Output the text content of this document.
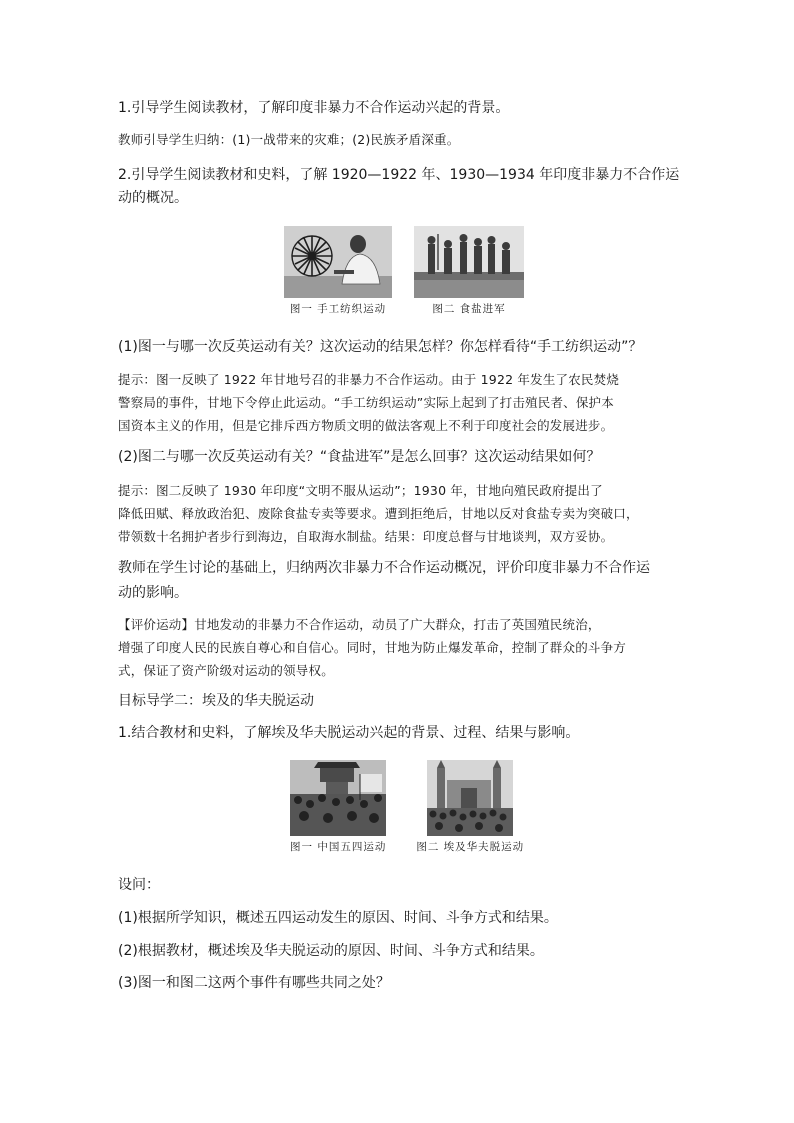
1.引导学生阅读教材，了解印度非暴力不合作运动兴起的背景。

教师引导学生归纳：(1)一战带来的灾难；(2)民族矛盾深重。

2.引导学生阅读教材和史料，了解 1920—1922 年、1930—1934 年印度非暴力不合作运

动的概况。

图一 手工纺织运动	图二 食盐进军

(1)图一与哪一次反英运动有关？这次运动的结果怎样？你怎样看待“手工纺织运动”？

提示：图一反映了 1922 年甘地号召的非暴力不合作运动。由于 1922 年发生了农民焚烧

警察局的事件，甘地下令停止此运动。“手工纺织运动”实际上起到了打击殖民者、保护本

国资本主义的作用，但是它排斥西方物质文明的做法客观上不利于印度社会的发展进步。

(2)图二与哪一次反英运动有关？“食盐进军”是怎么回事？这次运动结果如何？

提示：图二反映了 1930 年印度“文明不服从运动”；1930 年，甘地向殖民政府提出了

降低田赋、释放政治犯、废除食盐专卖等要求。遭到拒绝后，甘地以反对食盐专卖为突破口，

带领数十名拥护者步行到海边，自取海水制盐。结果：印度总督与甘地谈判，双方妥协。

教师在学生讨论的基础上，归纳两次非暴力不合作运动概况，评价印度非暴力不合作运

动的影响。

【评价运动】甘地发动的非暴力不合作运动，动员了广大群众，打击了英国殖民统治，

增强了印度人民的民族自尊心和自信心。同时，甘地为防止爆发革命，控制了群众的斗争方

式，保证了资产阶级对运动的领导权。

目标导学二：埃及的华夫脱运动

1.结合教材和史料，了解埃及华夫脱运动兴起的背景、过程、结果与影响。

图一 中国五四运动	图二 埃及华夫脱运动

设问：

(1)根据所学知识，概述五四运动发生的原因、时间、斗争方式和结果。

(2)根据教材，概述埃及华夫脱运动的原因、时间、斗争方式和结果。

(3)图一和图二这两个事件有哪些共同之处？
